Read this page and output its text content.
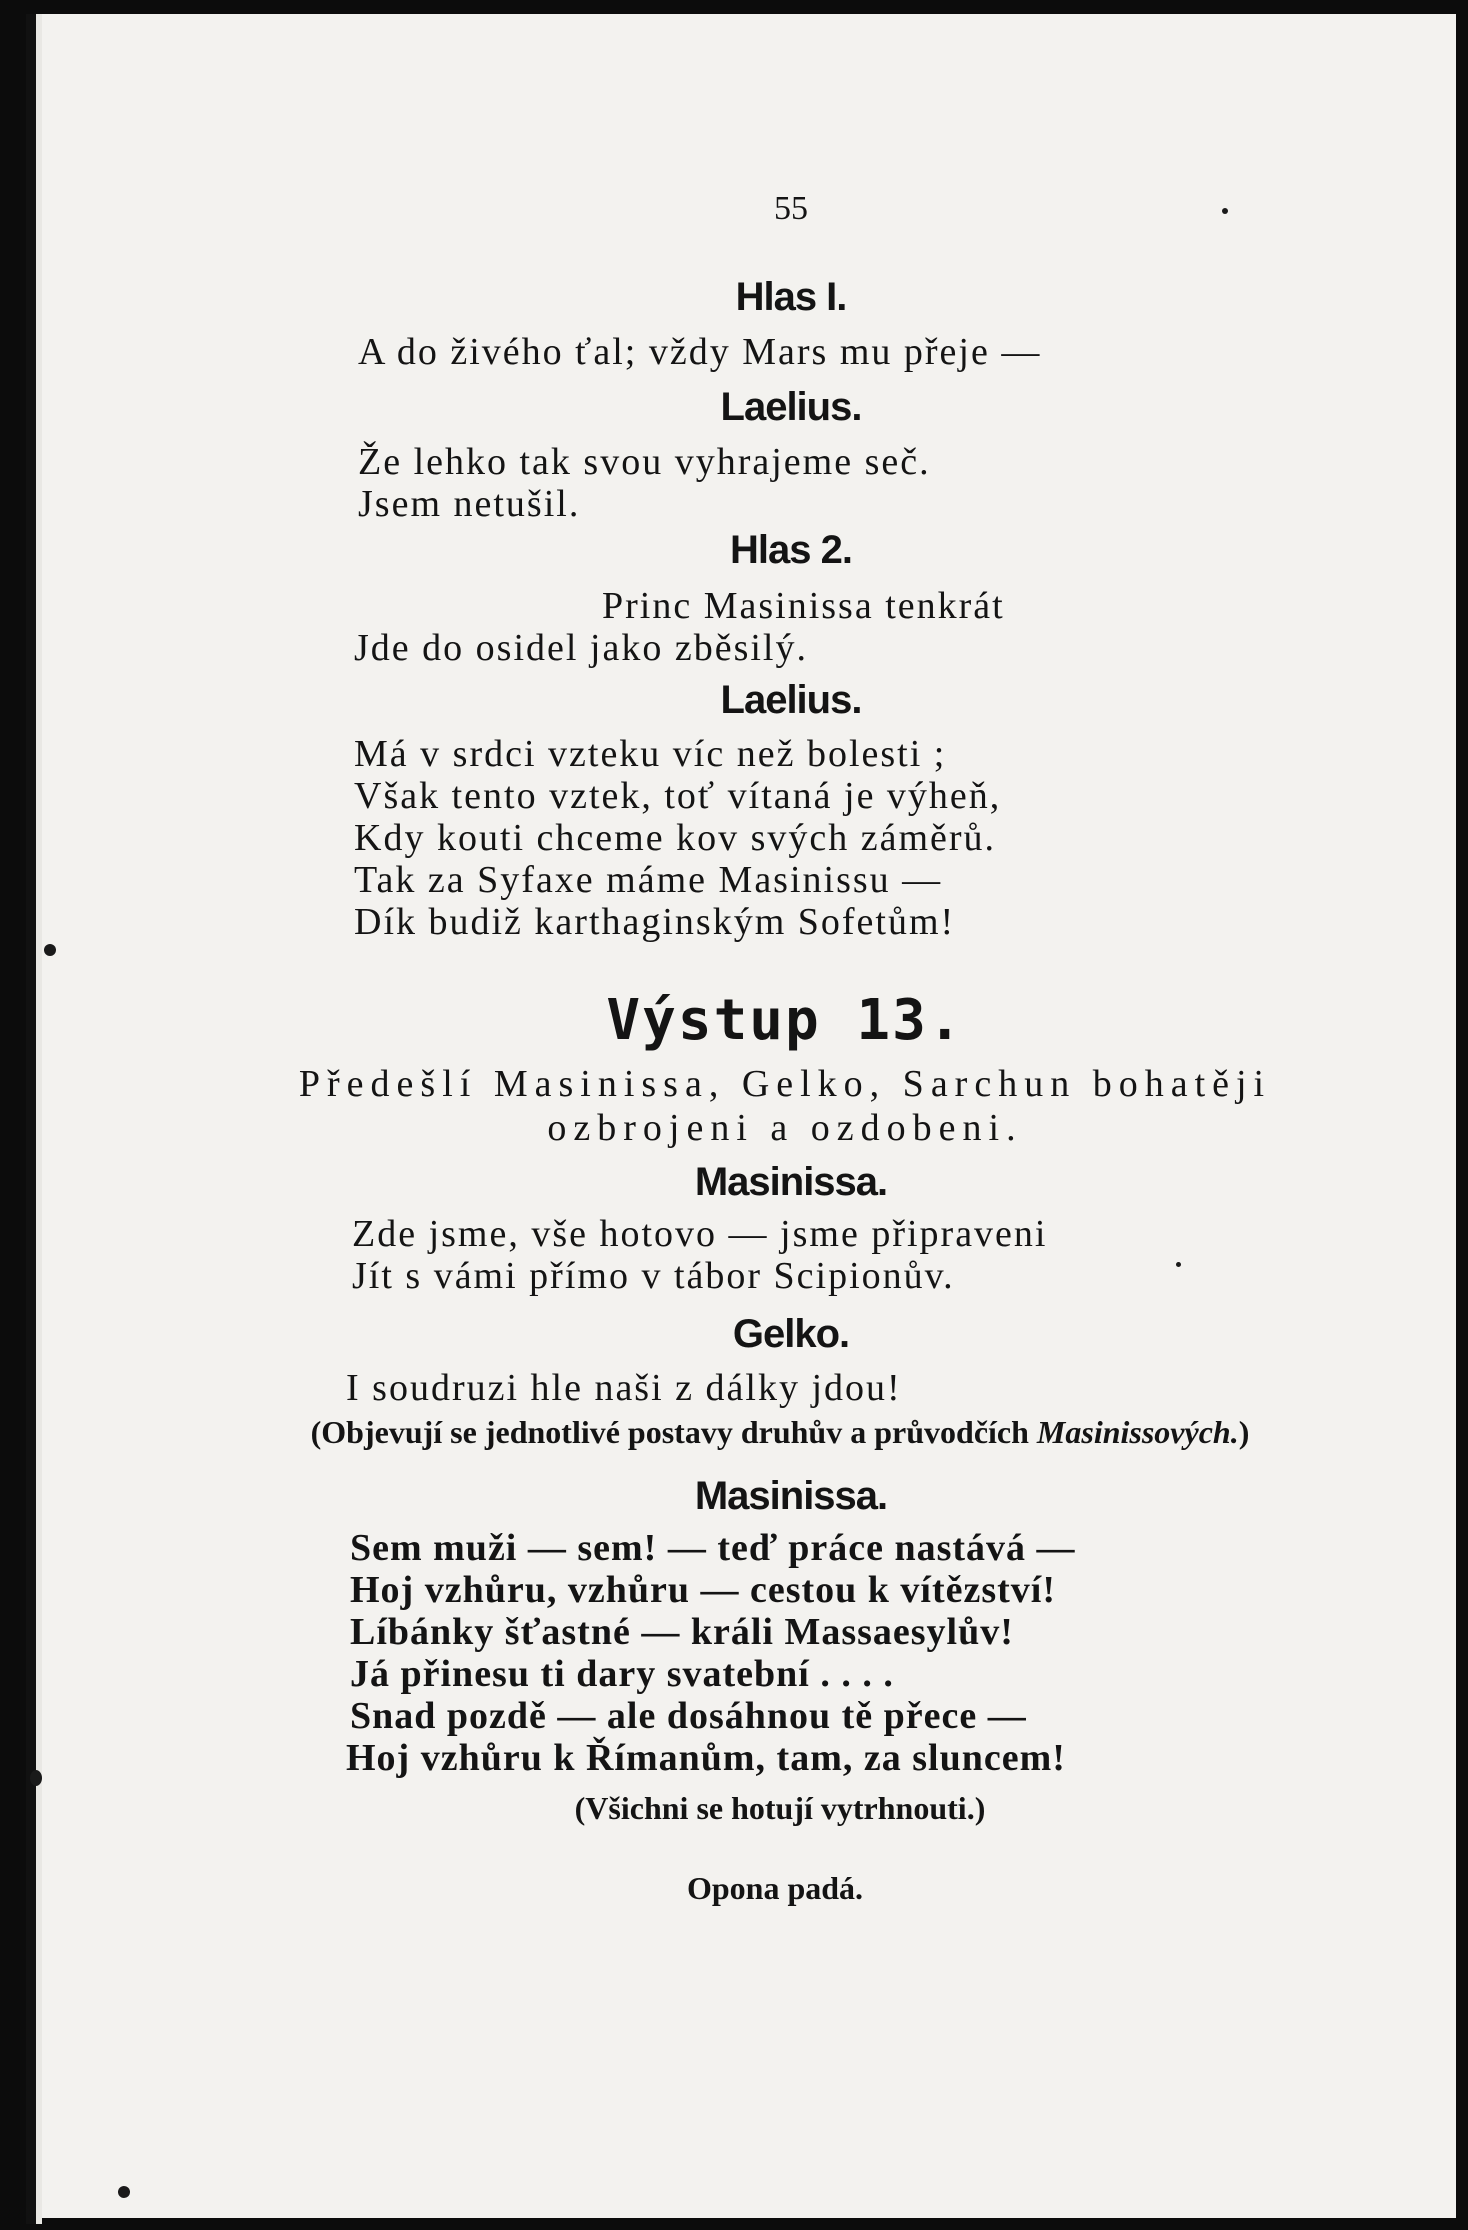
55
Hlas I.
A do živého ťal; vždy Mars mu přeje —
Laelius.
Že lehko tak svou vyhrajeme seč.
Jsem netušil.
Hlas 2.
Princ Masinissa tenkrát
Jde do osidel jako zběsilý.
Laelius.
Má v srdci vzteku víc než bolesti ;
Však tento vztek, toť vítaná je výheň,
Kdy kouti chceme kov svých záměrů.
Tak za Syfaxe máme Masinissu —
Dík budiž karthaginským Sofetům!
Výstup 13.
Předešlí Masinissa, Gelko, Sarchun bohatěji
ozbrojeni a ozdobeni.
Masinissa.
Zde jsme, vše hotovo — jsme připraveni
Jít s vámi přímo v tábor Scipionův.
Gelko.
I soudruzi hle naši z dálky jdou!
(Objevují se jednotlivé postavy druhův a průvodčích Masinissových.)
Masinissa.
Sem muži — sem! — teď práce nastává —
Hoj vzhůru, vzhůru — cestou k vítězství!
Líbánky šťastné — králi Massaesylův!
Já přinesu ti dary svatební . . . .
Snad pozdě — ale dosáhnou tě přece —
Hoj vzhůru k Římanům, tam, za sluncem!
(Všichni se hotují vytrhnouti.)
Opona padá.
